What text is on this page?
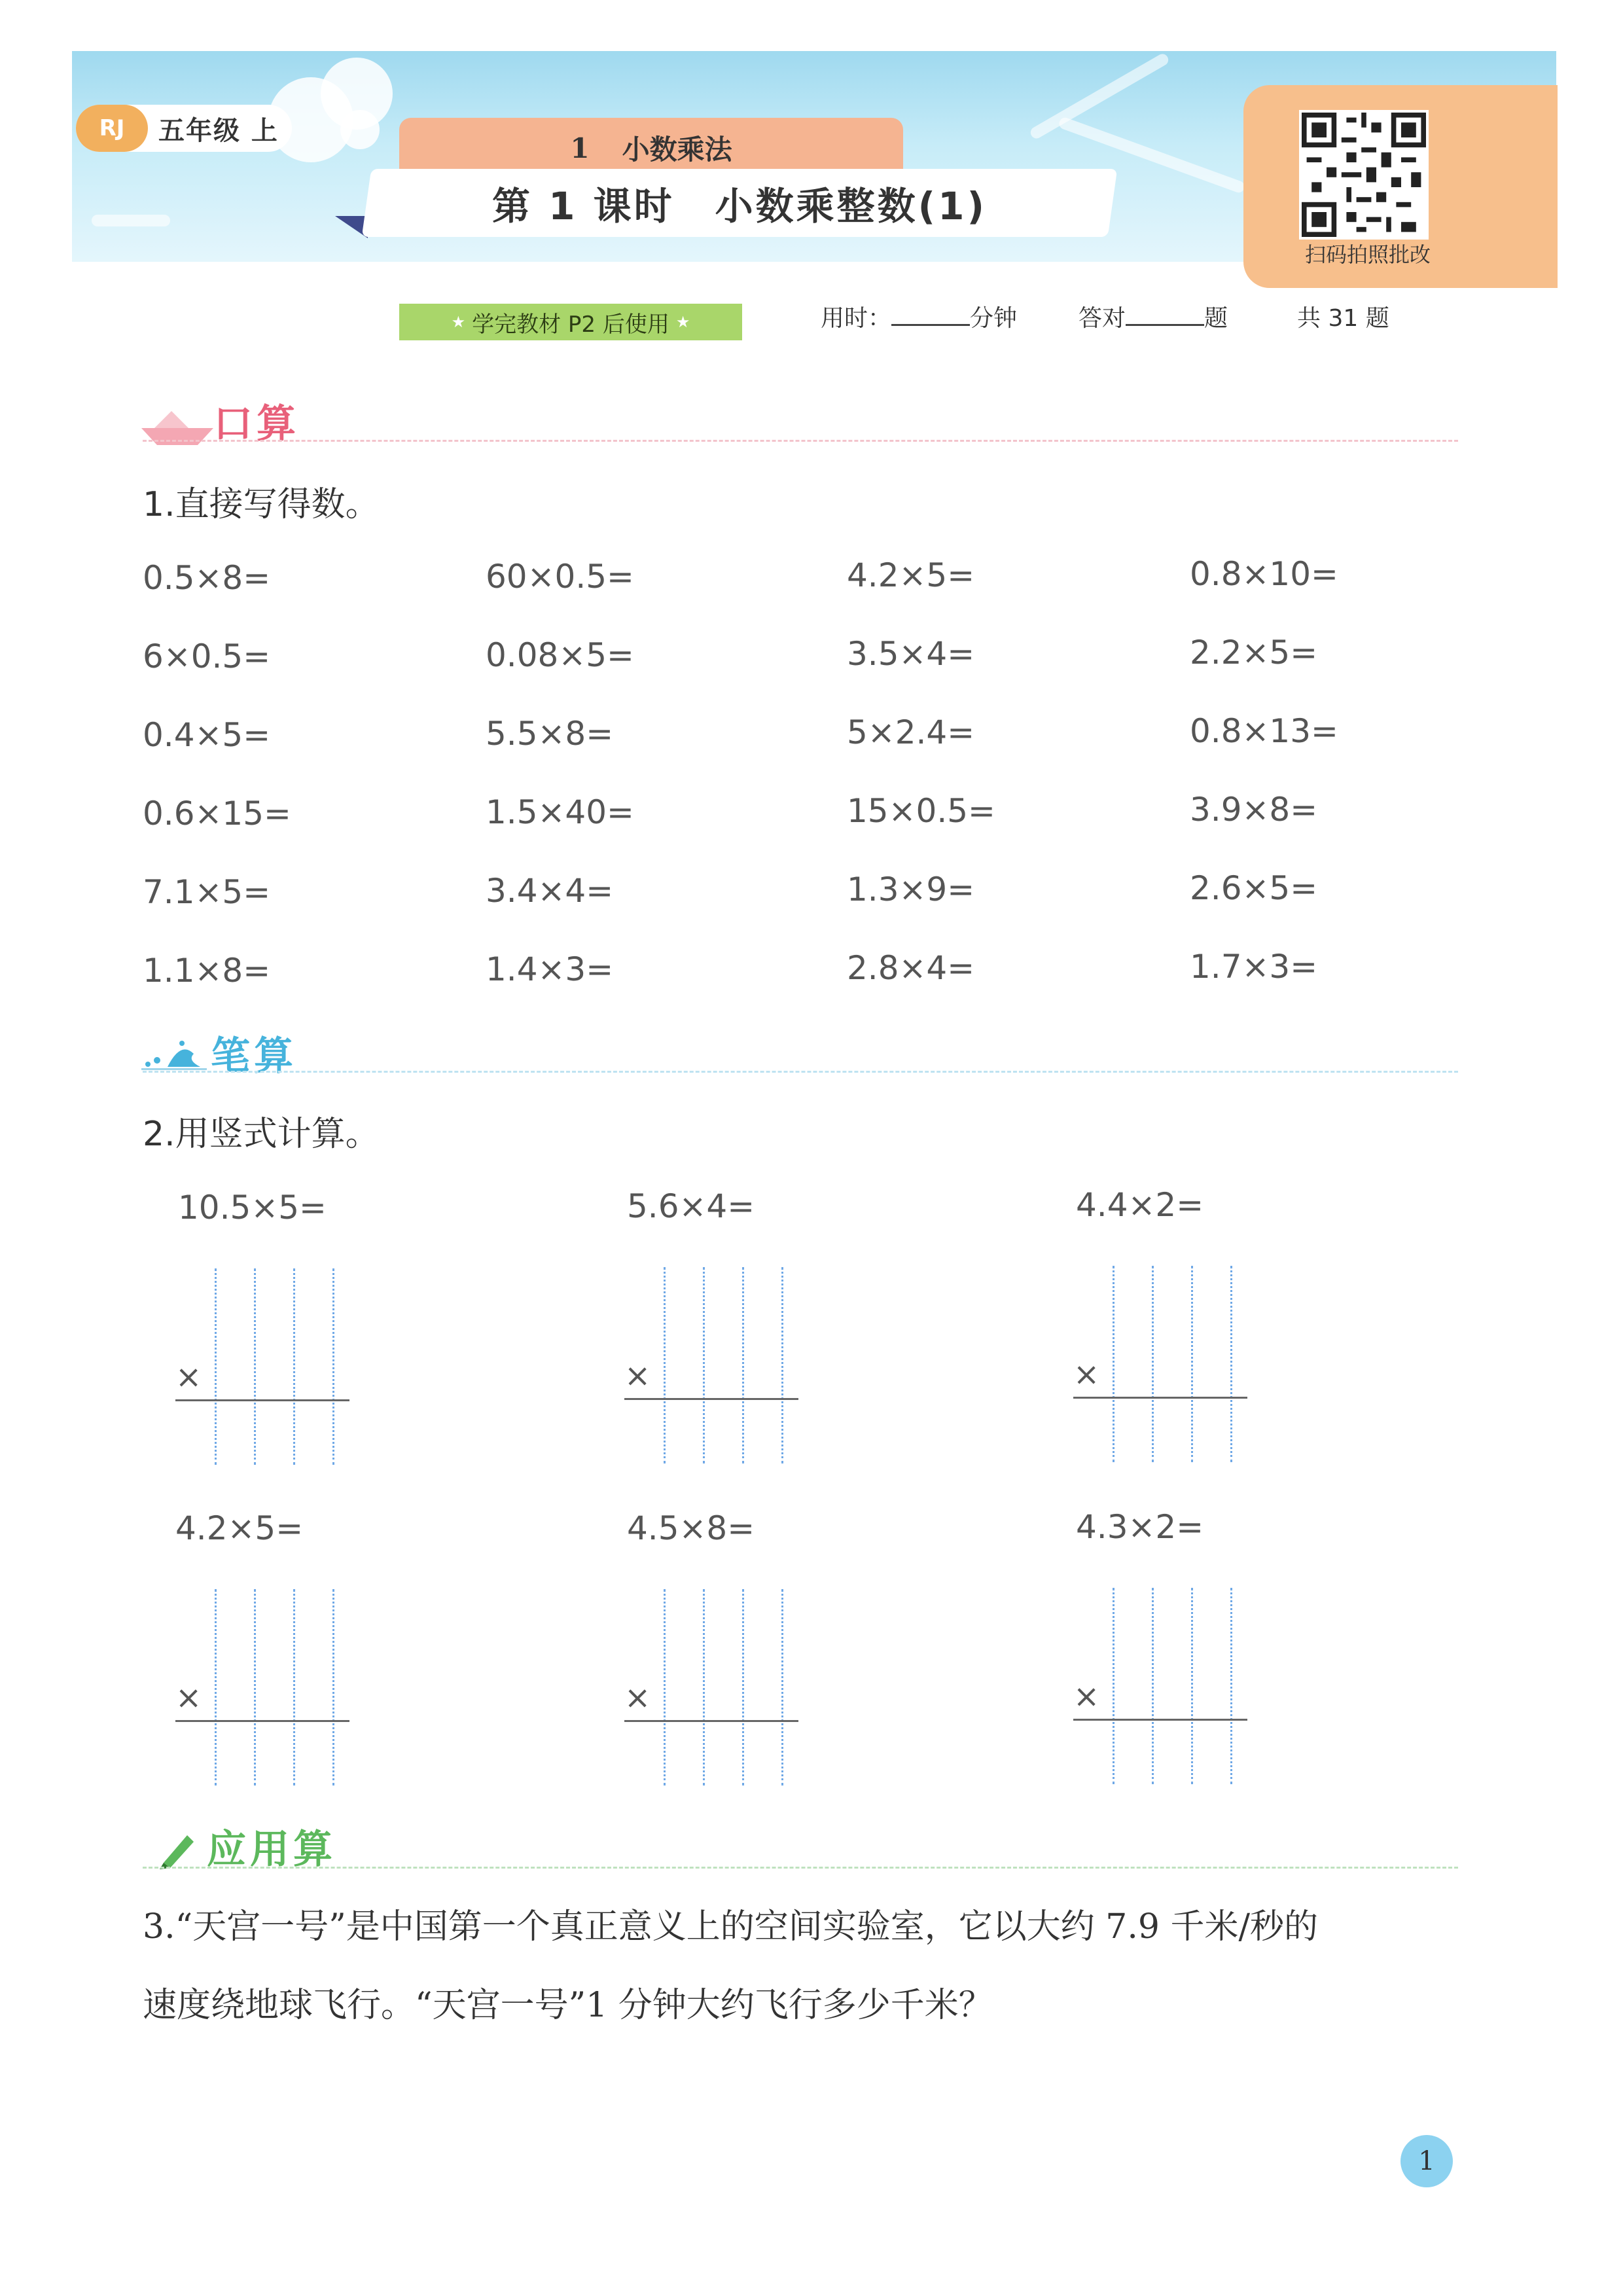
RJ	五年级 上
1 小数乘法
第 1 课时　小数乘整数(1)
扫码拍照批改
★ 学完教材 P2 后使用 ★	用时：	分钟	答对	题	共 31 题
口算
1.直接写得数。
0.5×8=	60×0.5=	4.2×5=	0.8×10=
6×0.5=	0.08×5=	3.5×4=	2.2×5=
0.4×5=	5.5×8=	5×2.4=	0.8×13=
0.6×15=	1.5×40=	15×0.5=	3.9×8=
7.1×5=	3.4×4=	1.3×9=	2.6×5=
1.1×8=	1.4×3=	2.8×4=	1.7×3=
笔算
2.用竖式计算。
10.5×5=
×
5.6×4=
×
4.4×2=
×
4.2×5=
×
4.5×8=
×
4.3×2=
×
应用算
3.“天宫一号”是中国第一个真正意义上的空间实验室，它以大约 7.9 千米/秒的
速度绕地球飞行。“天宫一号”1 分钟大约飞行多少千米？
1
